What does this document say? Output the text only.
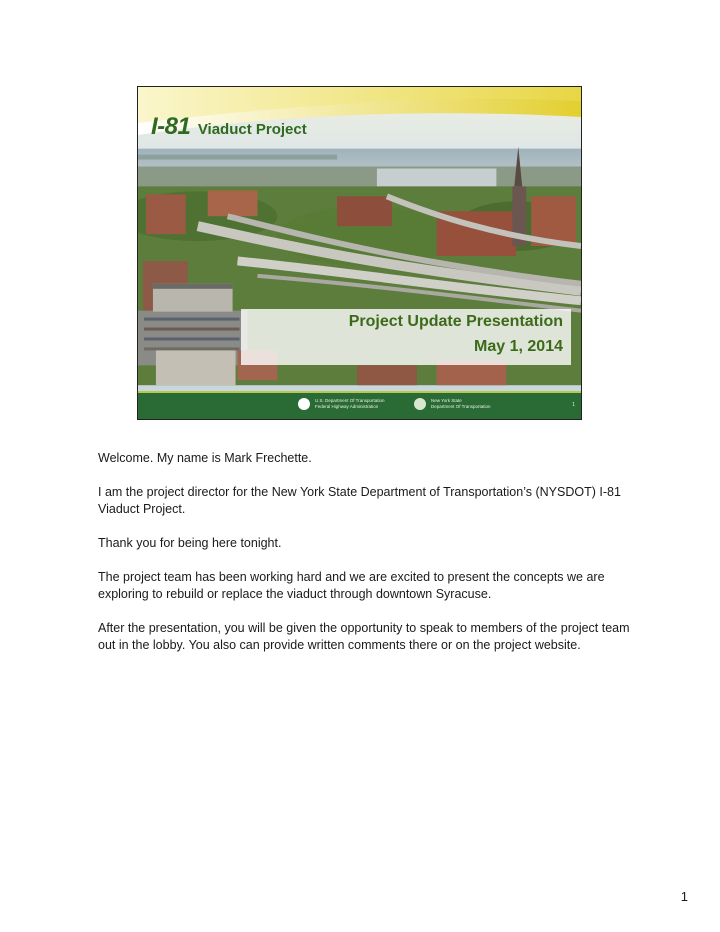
I-81 Viaduct Project
Project Update Presentation
May 1, 2014
U.S. Department Of Transportation
Federal Highway Administration
New York State
Department Of Transportation	1

Welcome. My name is Mark Frechette.

I am the project director for the New York State Department of Transportation’s (NYSDOT) I-81 Viaduct Project.

Thank you for being here tonight.

The project team has been working hard and we are excited to present the concepts we are exploring to rebuild or replace the viaduct through downtown Syracuse.

After the presentation, you will be given the opportunity to speak to members of the project team out in the lobby. You also can provide written comments there or on the project website.

1
